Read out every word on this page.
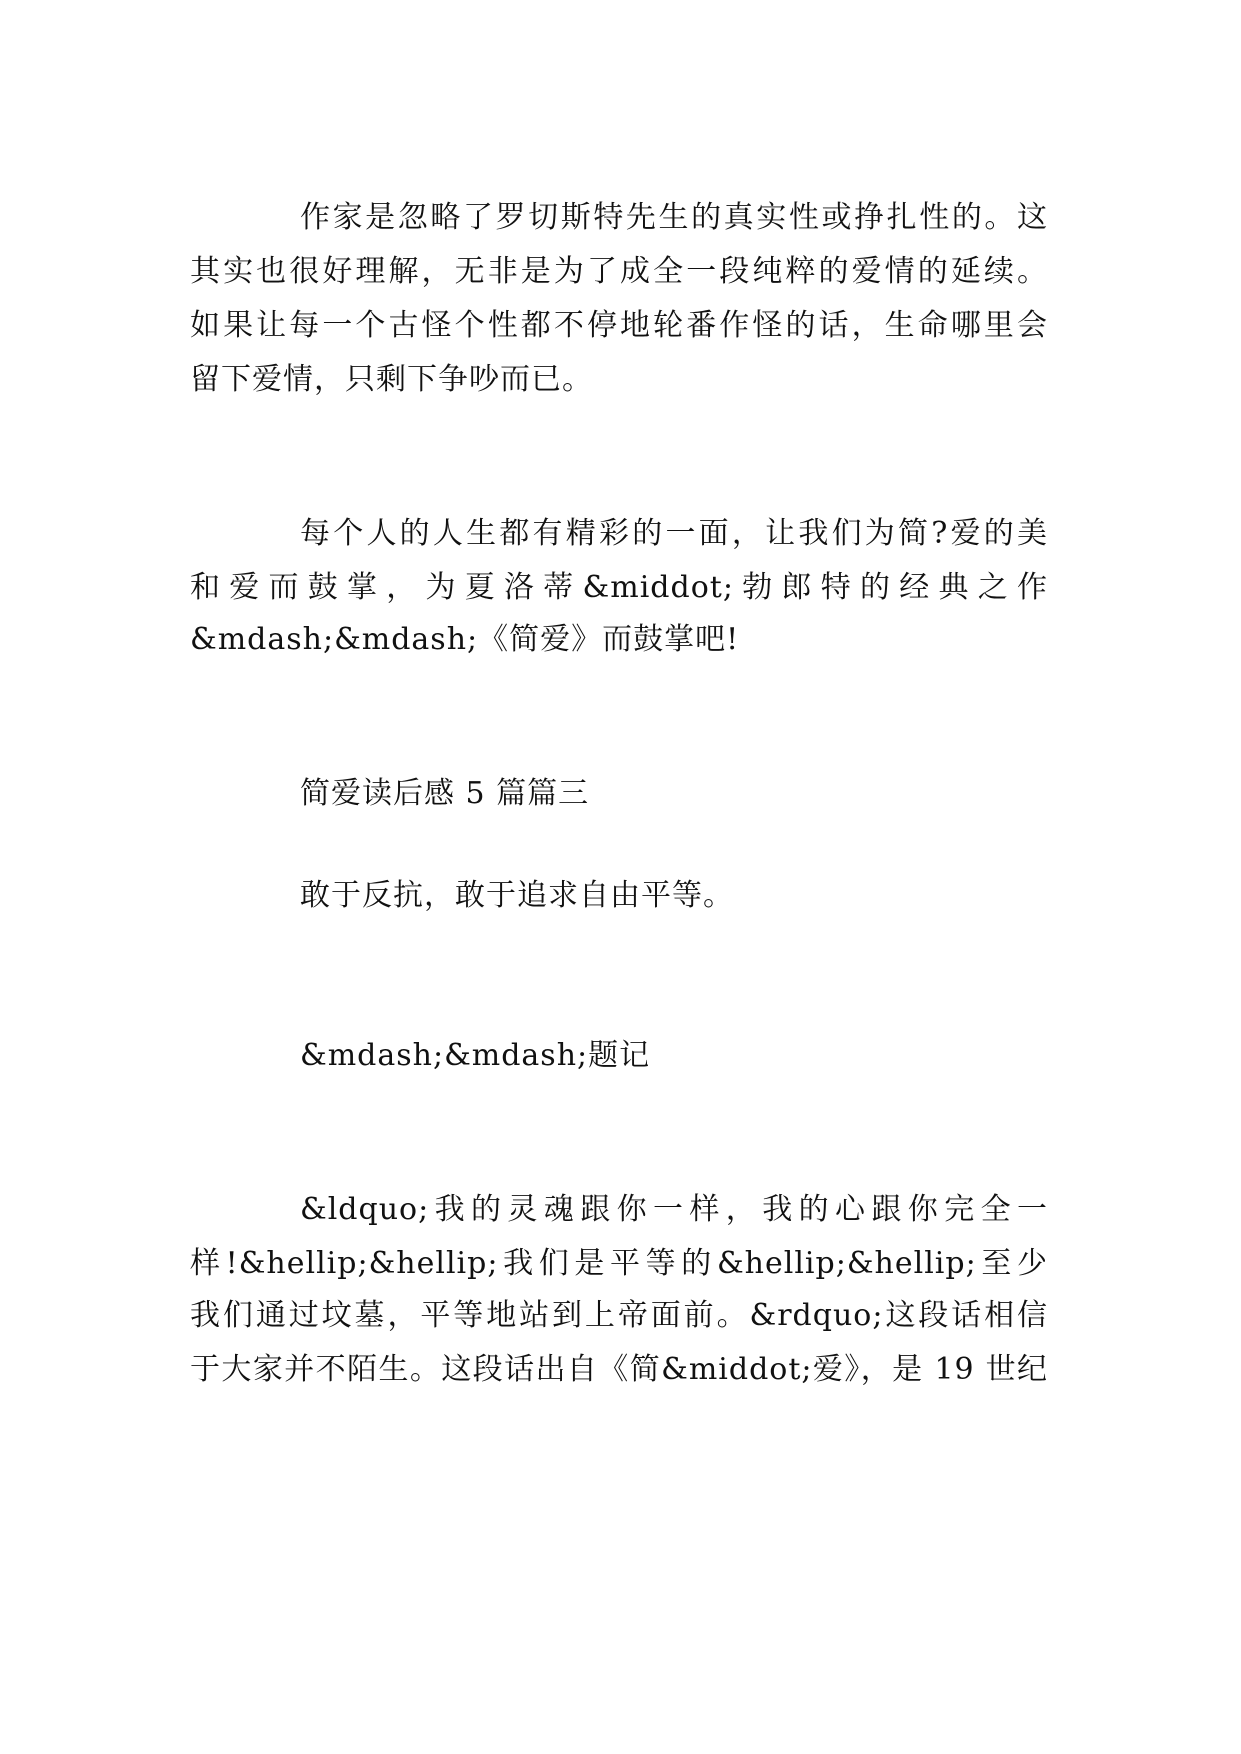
作家是忽略了罗切斯特先生的真实性或挣扎性的。这
其实也很好理解，无非是为了成全一段纯粹的爱情的延续。
如果让每一个古怪个性都不停地轮番作怪的话，生命哪里会
留下爱情，只剩下争吵而已。
每个人的人生都有精彩的一面，让我们为简?爱的美
和爱而鼓掌，为夏洛蒂&middot;勃郎特的经典之作
&mdash;&mdash;《简爱》而鼓掌吧!
简爱读后感 5 篇篇三
敢于反抗，敢于追求自由平等。
&mdash;&mdash;题记
&ldquo;我的灵魂跟你一样，我的心跟你完全一
样!&hellip;&hellip;我们是平等的&hellip;&hellip;至少
我们通过坟墓，平等地站到上帝面前。&rdquo;这段话相信
于大家并不陌生。这段话出自《简&middot;爱》，是 19 世纪
